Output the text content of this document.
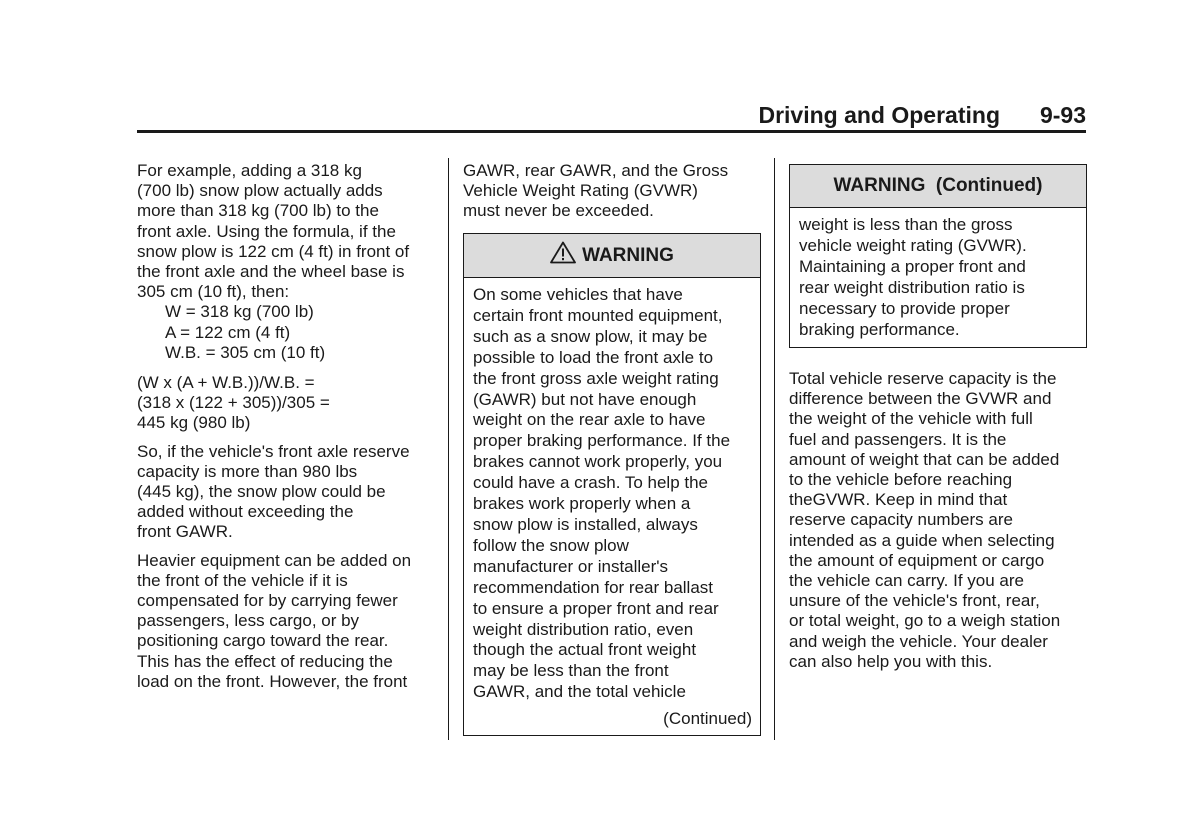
Driving and Operating 9-93
For example, adding a 318 kg
(700 lb) snow plow actually adds
more than 318 kg (700 lb) to the
front axle. Using the formula, if the
snow plow is 122 cm (4 ft) in front of
the front axle and the wheel base is
305 cm (10 ft), then:
W = 318 kg (700 lb)
A = 122 cm (4 ft)
W.B. = 305 cm (10 ft)
(W x (A + W.B.))/W.B. =
(318 x (122 + 305))/305 =
445 kg (980 lb)
So, if the vehicle's front axle reserve
capacity is more than 980 lbs
(445 kg), the snow plow could be
added without exceeding the
front GAWR.
Heavier equipment can be added on
the front of the vehicle if it is
compensated for by carrying fewer
passengers, less cargo, or by
positioning cargo toward the rear.
This has the effect of reducing the
load on the front. However, the front
GAWR, rear GAWR, and the Gross
Vehicle Weight Rating (GVWR)
must never be exceeded.
WARNING
On some vehicles that have
certain front mounted equipment,
such as a snow plow, it may be
possible to load the front axle to
the front gross axle weight rating
(GAWR) but not have enough
weight on the rear axle to have
proper braking performance. If the
brakes cannot work properly, you
could have a crash. To help the
brakes work properly when a
snow plow is installed, always
follow the snow plow
manufacturer or installer's
recommendation for rear ballast
to ensure a proper front and rear
weight distribution ratio, even
though the actual front weight
may be less than the front
GAWR, and the total vehicle
(Continued)
WARNING  (Continued)
weight is less than the gross
vehicle weight rating (GVWR).
Maintaining a proper front and
rear weight distribution ratio is
necessary to provide proper
braking performance.
Total vehicle reserve capacity is the
difference between the GVWR and
the weight of the vehicle with full
fuel and passengers. It is the
amount of weight that can be added
to the vehicle before reaching
theGVWR. Keep in mind that
reserve capacity numbers are
intended as a guide when selecting
the amount of equipment or cargo
the vehicle can carry. If you are
unsure of the vehicle's front, rear,
or total weight, go to a weigh station
and weigh the vehicle. Your dealer
can also help you with this.
